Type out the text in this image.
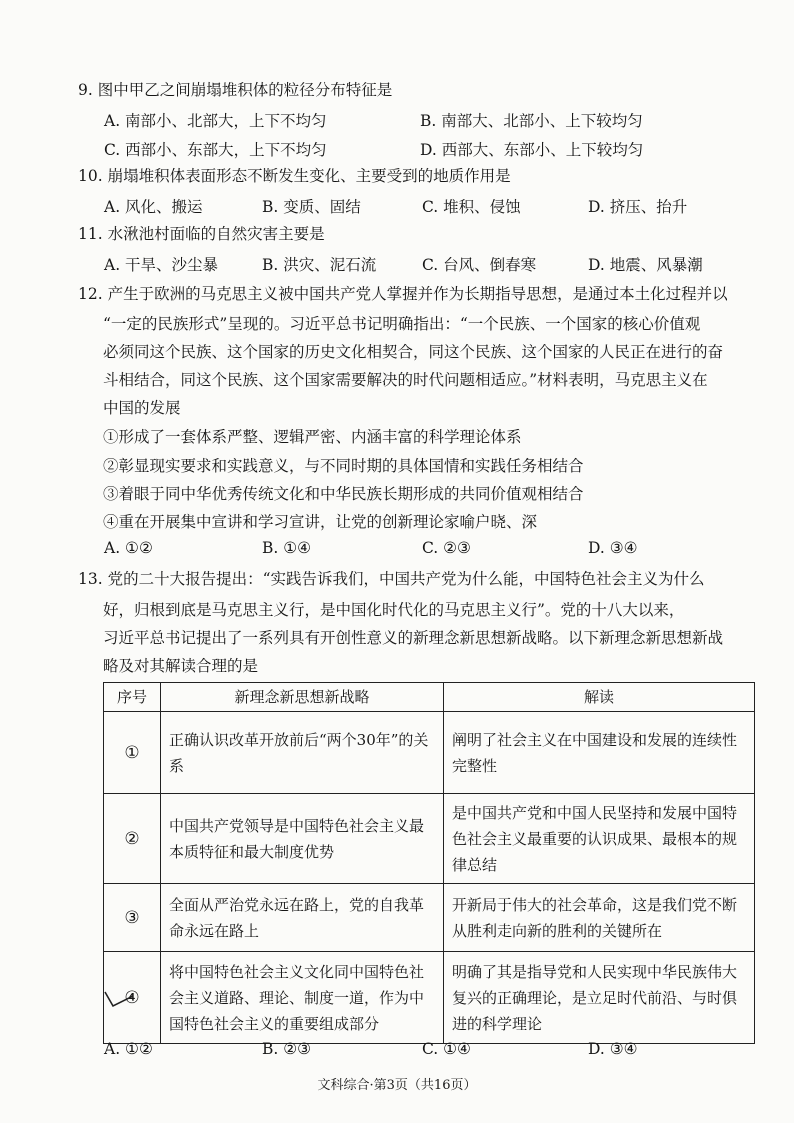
9. 图中甲乙之间崩塌堆积体的粒径分布特征是
A. 南部小、北部大，上下不均匀	B. 南部大、北部小、上下较均匀
C. 西部小、东部大，上下不均匀	D. 西部大、东部小、上下较均匀
10. 崩塌堆积体表面形态不断发生变化、主要受到的地质作用是
A. 风化、搬运	B. 变质、固结	C. 堆积、侵蚀	D. 挤压、抬升
11. 水湫池村面临的自然灾害主要是
A. 干旱、沙尘暴	B. 洪灾、泥石流	C. 台风、倒春寒	D. 地震、风暴潮
12. 产生于欧洲的马克思主义被中国共产党人掌握并作为长期指导思想，是通过本土化过程并以
“一定的民族形式”呈现的。习近平总书记明确指出：“一个民族、一个国家的核心价值观
必须同这个民族、这个国家的历史文化相契合，同这个民族、这个国家的人民正在进行的奋
斗相结合，同这个民族、这个国家需要解决的时代问题相适应。”材料表明，马克思主义在
中国的发展
①形成了一套体系严整、逻辑严密、内涵丰富的科学理论体系
②彰显现实要求和实践意义，与不同时期的具体国情和实践任务相结合
③着眼于同中华优秀传统文化和中华民族长期形成的共同价值观相结合
④重在开展集中宣讲和学习宣讲，让党的创新理论家喻户晓、深
A. ①②	B. ①④	C. ②③	D. ③④
13. 党的二十大报告提出：“实践告诉我们，中国共产党为什么能，中国特色社会主义为什么
好，归根到底是马克思主义行，是中国化时代化的马克思主义行”。党的十八大以来，
习近平总书记提出了一系列具有开创性意义的新理念新思想新战略。以下新理念新思想新战
略及对其解读合理的是
序号	新理念新思想新战略	解读
①	正确认识改革开放前后“两个30年”的关系	阐明了社会主义在中国建设和发展的连续性完整性
②	中国共产党领导是中国特色社会主义最本质特征和最大制度优势	是中国共产党和中国人民坚持和发展中国特色社会主义最重要的认识成果、最根本的规律总结
③	全面从严治党永远在路上，党的自我革命永远在路上	开新局于伟大的社会革命，这是我们党不断从胜利走向新的胜利的关键所在
④	将中国特色社会主义文化同中国特色社会主义道路、理论、制度一道，作为中国特色社会主义的重要组成部分	明确了其是指导党和人民实现中华民族伟大复兴的正确理论，是立足时代前沿、与时俱进的科学理论
A. ①②	B. ②③	C. ①④	D. ③④
文科综合·第3页（共16页）
